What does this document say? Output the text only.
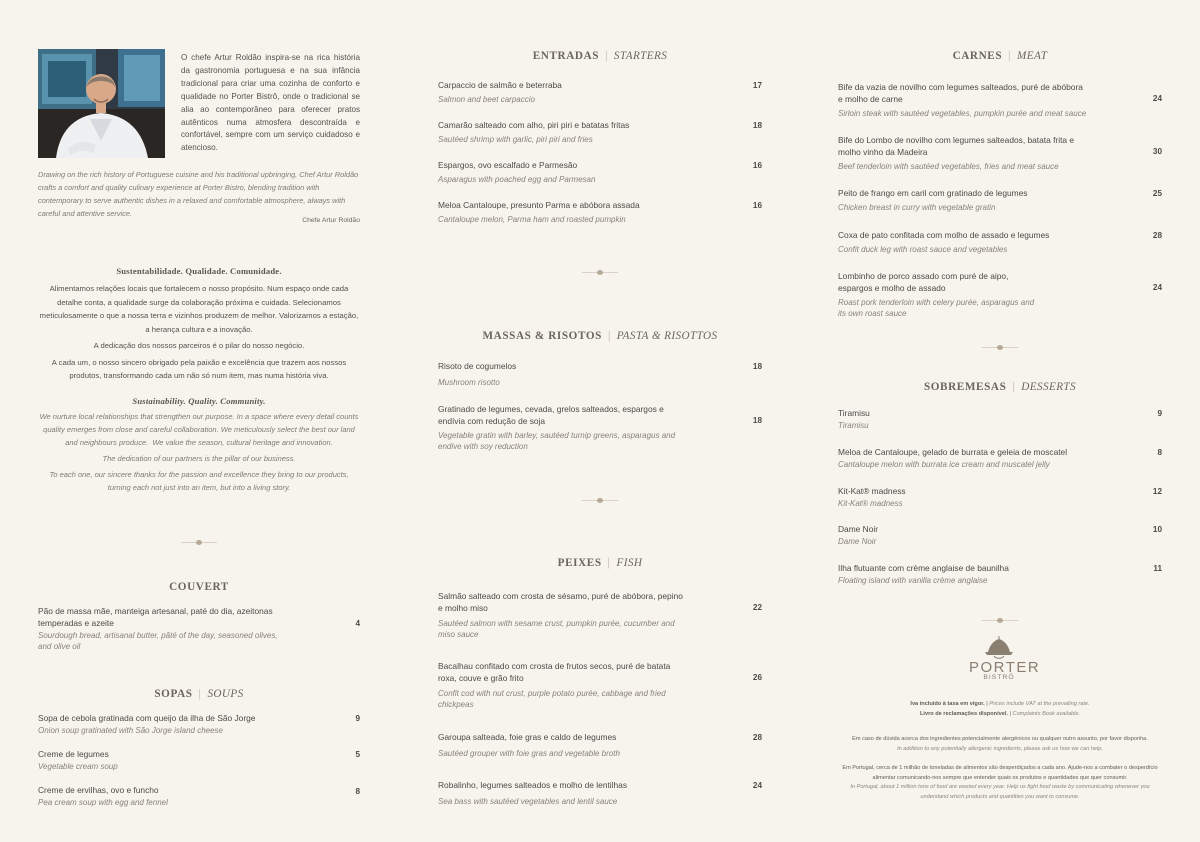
O chefe Artur Roldão inspira-se na rica história da gastronomia portuguesa e na sua infância tradicional para criar uma cozinha de conforto e qualidade no Porter Bistrô, onde o tradicional se alia ao contemporâneo para oferecer pratos autênticos numa atmosfera descontraída e confortável, sempre com um serviço cuidadoso e atencioso.
Drawing on the rich history of Portuguese cuisine and his traditional upbringing, Chef Artur Roldão crafts a comfort and quality culinary experience at Porter Bistro, blending tradition with contemporary to serve authentic dishes in a relaxed and comfortable atmosphere, always with careful and attentive service.
Chefe Artur Roldão
Sustentabilidade. Qualidade. Comunidade.
Alimentamos relações locais que fortalecem o nosso propósito. Num espaço onde cada detalhe conta, a qualidade surge da colaboração próxima e cuidada. Selecionamos meticulosamente o que a nossa terra e vizinhos produzem de melhor. Valorizamos a estação, a herança cultura e a inovação.
A dedicação dos nossos parceiros é o pilar do nosso negócio.
A cada um, o nosso sincero obrigado pela paixão e excelência que trazem aos nossos produtos, transformando cada um não só num item, mas numa história viva.
Sustainability. Quality. Community.
We nurture local relationships that strengthen our purpose. In a space where every detail counts quality emerges from close and careful collaboration. We meticulously select the best our land                                        and neighbours produce.  We value the season, cultural heritage and innovation.
The dedication of our partners is the pillar of our business.
To each one, our sincere thanks for the passion and excellence they bring to our products, turning each not just into an item, but into a living story.
COUVERT
Pão de massa mãe, manteiga artesanal, paté do dia, azeitonas temperadas e azeite
Sourdough bread, artisanal butter, pâté of the day, seasoned olives, and olive oil
4
SOPAS | SOUPS
Sopa de cebola gratinada com queijo da ilha de São Jorge
Onion soup gratinated with São Jorge island cheese
9
Creme de legumes
Vegetable cream soup
5
Creme de ervilhas, ovo e funcho
Pea cream soup with egg and fennel
8
ENTRADAS | STARTERS
Carpaccio de salmão e beterraba
Salmon and beet carpaccio
17
Camarão salteado com alho, piri piri e batatas fritas
Sautéed shrimp with garlic, piri piri and fries
18
Espargos, ovo escalfado e Parmesão
Asparagus with poached egg and Parmesan
16
Meloa Cantaloupe, presunto Parma e abóbora assada
Cantaloupe melon, Parma ham and roasted pumpkin
16
MASSAS & RISOTOS | PASTA & RISOTTOS
Risoto de cogumelos
Mushroom risotto
18
Gratinado de legumes, cevada, grelos salteados, espargos e endívia com redução de soja
Vegetable gratin with barley, sautéed turnip greens, asparagus and endive with soy reduction
18
PEIXES | FISH
Salmão salteado com crosta de sésamo, puré de abóbora, pepino e molho miso
Sautéed salmon with sesame crust, pumpkin purée, cucumber and miso sauce
22
Bacalhau confitado com crosta de frutos secos, puré de batata roxa, couve e grão frito
Confit cod with nut crust, purple potato purée, cabbage and fried chickpeas
26
Garoupa salteada, foie gras e caldo de legumes
Sautéed grouper with foie gras and vegetable broth
28
Robalinho, legumes salteados e molho de lentilhas
Sea bass with sautéed vegetables and lentil sauce
24
CARNES | MEAT
Bife da vazia de novilho com legumes salteados, puré de abóbora e molho de carne
Sirloin steak with sautéed vegetables, pumpkin purée and meat sauce
24
Bife do Lombo de novilho com legumes salteados, batata frita e molho vinho da Madeira
Beef tenderloin with sautéed vegetables, fries and meat sauce
30
Peito de frango em caril com gratinado de legumes
Chicken breast in curry with vegetable gratin
25
Coxa de pato confitada com molho de assado e legumes
Confit duck leg with roast sauce and vegetables
28
Lombinho de porco assado com puré de aipo, espargos e molho de assado
Roast pork tenderloin with celery purée, asparagus and its own roast sauce
24
SOBREMESAS | DESSERTS
Tiramisu
Tiramisu
9
Meloa de Cantaloupe, gelado de burrata e geleia de moscatel
Cantaloupe melon with burrata ice cream and muscatel jelly
8
Kit-Kat® madness
Kit-Kat® madness
12
Dame Noir
Dame Noir
10
Ilha flutuante com crème anglaise de baunilha
Floating island with vanilla crème anglaise
11
PORTER
BISTRÔ
Iva incluído à taxa em vigor. | Prices include VAT at the prevailing rate.
Livro de reclamações disponível. | Complaints Book available.
Em caso de dúvida acerca dos ingredientes potencialmente alergénicos ou qualquer outro assunto, por favor disponha.
In addition to any potentially allergenic ingredients, please ask us how we can help.
Em Portugal, cerca de 1 milhão de toneladas de alimentos são desperdiçados a cada ano. Ajude-nos a combater o desperdício alimentar comunicando-nos sempre que entender quais os produtos e quantidades que quer consumir.
In Portugal, about 1 million tons of food are wasted every year. Help us fight food waste by communicating whenever you understand which products and quantities you want to consume.
